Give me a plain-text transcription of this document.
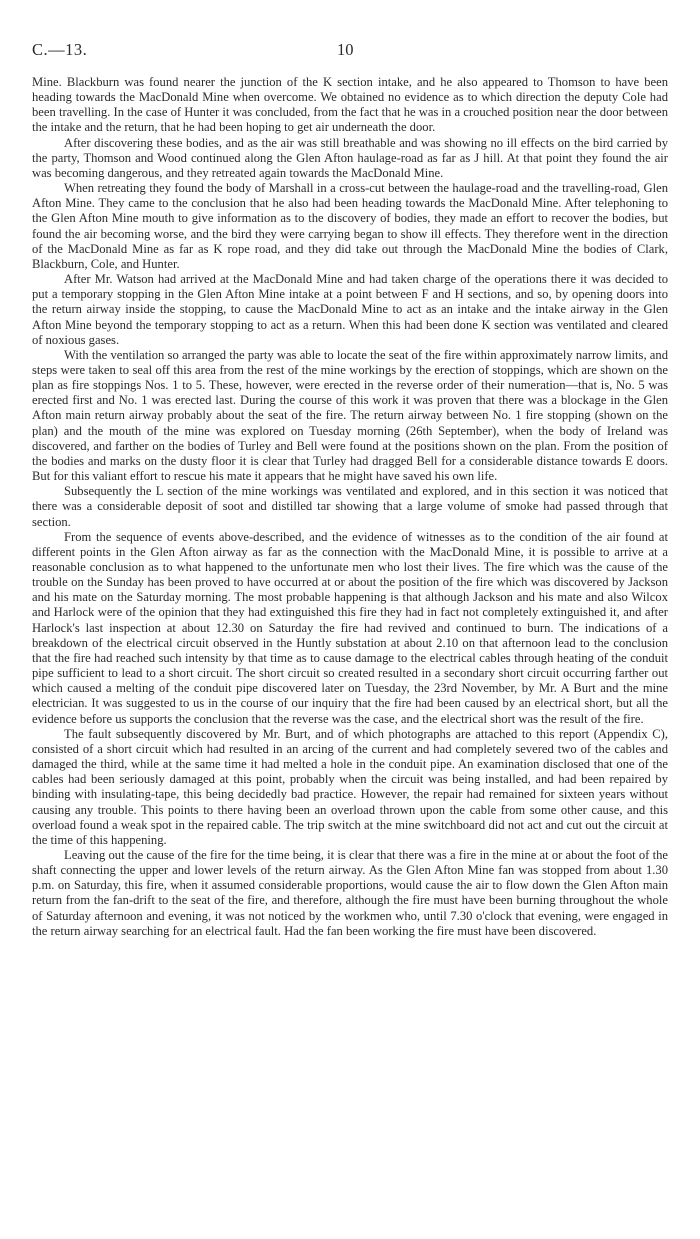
C.—13.	10

Mine. Blackburn was found nearer the junction of the K section intake, and he also appeared to Thomson to have been heading towards the MacDonald Mine when overcome. We obtained no evidence as to which direction the deputy Cole had been travelling. In the case of Hunter it was concluded, from the fact that he was in a crouched position near the door between the intake and the return, that he had been hoping to get air underneath the door.

After discovering these bodies, and as the air was still breathable and was showing no ill effects on the bird carried by the party, Thomson and Wood continued along the Glen Afton haulage-road as far as J hill. At that point they found the air was becoming dangerous, and they retreated again towards the MacDonald Mine.

When retreating they found the body of Marshall in a cross-cut between the haulage-road and the travelling-road, Glen Afton Mine. They came to the conclusion that he also had been heading towards the MacDonald Mine. After telephoning to the Glen Afton Mine mouth to give information as to the discovery of bodies, they made an effort to recover the bodies, but found the air becoming worse, and the bird they were carrying began to show ill effects. They therefore went in the direction of the MacDonald Mine as far as K rope road, and they did take out through the MacDonald Mine the bodies of Clark, Blackburn, Cole, and Hunter.

After Mr. Watson had arrived at the MacDonald Mine and had taken charge of the operations there it was decided to put a temporary stopping in the Glen Afton Mine intake at a point between F and H sections, and so, by opening doors into the return airway inside the stopping, to cause the MacDonald Mine to act as an intake and the intake airway in the Glen Afton Mine beyond the temporary stopping to act as a return. When this had been done K section was ventilated and cleared of noxious gases.

With the ventilation so arranged the party was able to locate the seat of the fire within approximately narrow limits, and steps were taken to seal off this area from the rest of the mine workings by the erection of stoppings, which are shown on the plan as fire stoppings Nos. 1 to 5. These, however, were erected in the reverse order of their numeration—that is, No. 5 was erected first and No. 1 was erected last. During the course of this work it was proven that there was a blockage in the Glen Afton main return airway probably about the seat of the fire. The return airway between No. 1 fire stopping (shown on the plan) and the mouth of the mine was explored on Tuesday morning (26th September), when the body of Ireland was discovered, and farther on the bodies of Turley and Bell were found at the positions shown on the plan. From the position of the bodies and marks on the dusty floor it is clear that Turley had dragged Bell for a considerable distance towards E doors. But for this valiant effort to rescue his mate it appears that he might have saved his own life.

Subsequently the L section of the mine workings was ventilated and explored, and in this section it was noticed that there was a considerable deposit of soot and distilled tar showing that a large volume of smoke had passed through that section.

From the sequence of events above-described, and the evidence of witnesses as to the condition of the air found at different points in the Glen Afton airway as far as the connection with the MacDonald Mine, it is possible to arrive at a reasonable conclusion as to what happened to the unfortunate men who lost their lives. The fire which was the cause of the trouble on the Sunday has been proved to have occurred at or about the position of the fire which was discovered by Jackson and his mate on the Saturday morning. The most probable happening is that although Jackson and his mate and also Wilcox and Harlock were of the opinion that they had extinguished this fire they had in fact not completely extinguished it, and after Harlock's last inspection at about 12.30 on Saturday the fire had revived and continued to burn. The indications of a breakdown of the electrical circuit observed in the Huntly substation at about 2.10 on that afternoon lead to the conclusion that the fire had reached such intensity by that time as to cause damage to the electrical cables through heating of the conduit pipe sufficient to lead to a short circuit. The short circuit so created resulted in a secondary short circuit occurring farther out which caused a melting of the conduit pipe discovered later on Tuesday, the 23rd November, by Mr. A Burt and the mine electrician. It was suggested to us in the course of our inquiry that the fire had been caused by an electrical short, but all the evidence before us supports the conclusion that the reverse was the case, and the electrical short was the result of the fire.

The fault subsequently discovered by Mr. Burt, and of which photographs are attached to this report (Appendix C), consisted of a short circuit which had resulted in an arcing of the current and had completely severed two of the cables and damaged the third, while at the same time it had melted a hole in the conduit pipe. An examination disclosed that one of the cables had been seriously damaged at this point, probably when the circuit was being installed, and had been repaired by binding with insulating-tape, this being decidedly bad practice. However, the repair had remained for sixteen years without causing any trouble. This points to there having been an overload thrown upon the cable from some other cause, and this overload found a weak spot in the repaired cable. The trip switch at the mine switchboard did not act and cut out the circuit at the time of this happening.

Leaving out the cause of the fire for the time being, it is clear that there was a fire in the mine at or about the foot of the shaft connecting the upper and lower levels of the return airway. As the Glen Afton Mine fan was stopped from about 1.30 p.m. on Saturday, this fire, when it assumed considerable proportions, would cause the air to flow down the Glen Afton main return from the fan-drift to the seat of the fire, and therefore, although the fire must have been burning throughout the whole of Saturday afternoon and evening, it was not noticed by the workmen who, until 7.30 o'clock that evening, were engaged in the return airway searching for an electrical fault. Had the fan been working the fire must have been discovered.
